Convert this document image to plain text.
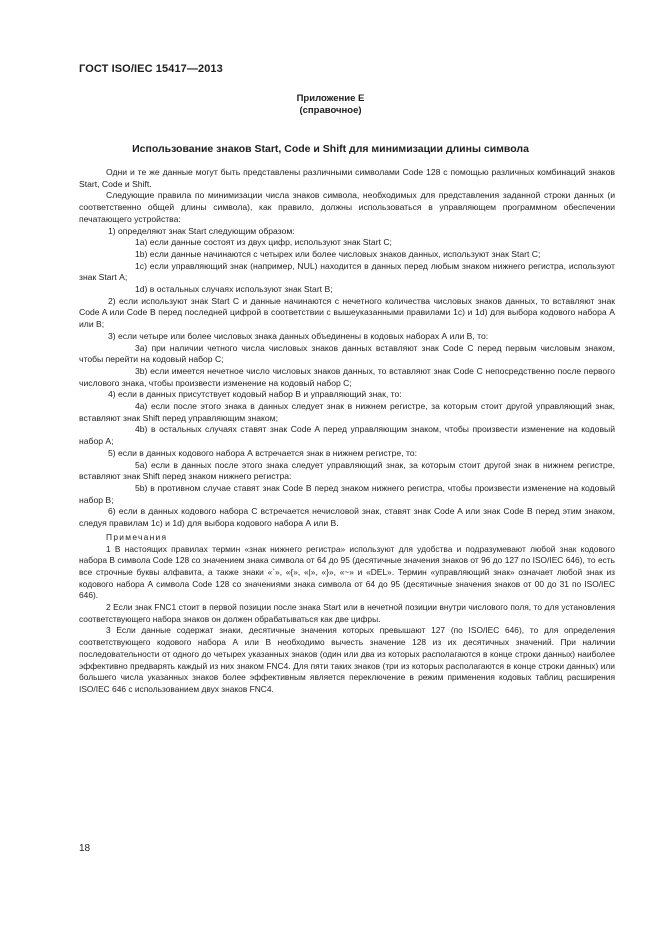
ГОСТ ISO/IEC 15417—2013
Приложение Е
(справочное)
Использование знаков Start, Code и Shift для минимизации длины символа

Одни и те же данные могут быть представлены различными символами Code 128 с помощью различных комбинаций знаков Start, Code и Shift.

Следующие правила по минимизации числа знаков символа, необходимых для представления заданной строки данных (и соответственно общей длины символа), как правило, должны использоваться в управляющем программном обеспечении печатающего устройства:

1) определяют знак Start следующим образом:

1а) если данные состоят из двух цифр, используют знак Start C;

1b) если данные начинаются с четырех или более числовых знаков данных, используют знак Start C;

1с) если управляющий знак (например, NUL) находится в данных перед любым знаком нижнего регистра, используют знак Start А;

1d) в остальных случаях используют знак Start B;

2) если используют знак Start C и данные начинаются с нечетного количества числовых знаков данных, то вставляют знак Code A или Code B перед последней цифрой в соответствии с вышеуказанными правилами 1с) и 1d) для выбора кодового набора А или В;

3) если четыре или более числовых знака данных объединены в кодовых наборах А или В, то:

3а) при наличии четного числа числовых знаков данных вставляют знак Code C перед первым числовым знаком, чтобы перейти на кодовый набор С;

3b) если имеется нечетное число числовых знаков данных, то вставляют знак Code C непосредственно после первого числового знака, чтобы произвести изменение на кодовый набор С;

4) если в данных присутствует кодовый набор В и управляющий знак, то:

4а) если после этого знака в данных следует знак в нижнем регистре, за которым стоит другой управляющий знак, вставляют знак Shift перед управляющим знаком;

4b) в остальных случаях ставят знак Code A перед управляющим знаком, чтобы произвести изменение на кодовый набор А;

5) если в данных кодового набора А встречается знак в нижнем регистре, то:

5а) если в данных после этого знака следует управляющий знак, за которым стоит другой знак в нижнем регистре, вставляют знак Shift перед знаком нижнего регистра:

5b) в противном случае ставят знак Code B перед знаком нижнего регистра, чтобы произвести изменение на кодовый набор В;

6) если в данных кодового набора С встречается нечисловой знак, ставят знак Code A или знак Code B перед этим знаком, следуя правилам 1с) и 1d) для выбора кодового набора А или В.

Примечания

1 В настоящих правилах термин «знак нижнего регистра» используют для удобства и подразумевают любой знак кодового набора В символа Code 128 со значением знака символа от 64 до 95 (десятичные значения знаков от 96 до 127 по ISO/IEC 646), то есть все строчные буквы алфавита, а также знаки «`», «{», «|», «}», «~» и «DEL». Термин «управляющий знак» означает любой знак из кодового набора А символа Code 128 со значениями знака символа от 64 до 95 (десятичные значения знаков от 00 до 31 по ISO/IEC 646).

2 Если знак FNC1 стоит в первой позиции после знака Start или в нечетной позиции внутри числового поля, то для установления соответствующего набора знаков он должен обрабатываться как две цифры.

3 Если данные содержат знаки, десятичные значения которых превышают 127 (по ISO/IEC 646), то для определения соответствующего кодового набора А или В необходимо вычесть значение 128 из их десятичных значений. При наличии последовательности от одного до четырех указанных знаков (один или два из которых располагаются в конце строки данных) наиболее эффективно предварять каждый из них знаком FNC4. Для пяти таких знаков (три из которых располагаются в конце строки данных) или большего числа указанных знаков более эффективным является переключение в режим применения кодовых таблиц расширения ISO/IEC 646 с использованием двух знаков FNC4.

18
